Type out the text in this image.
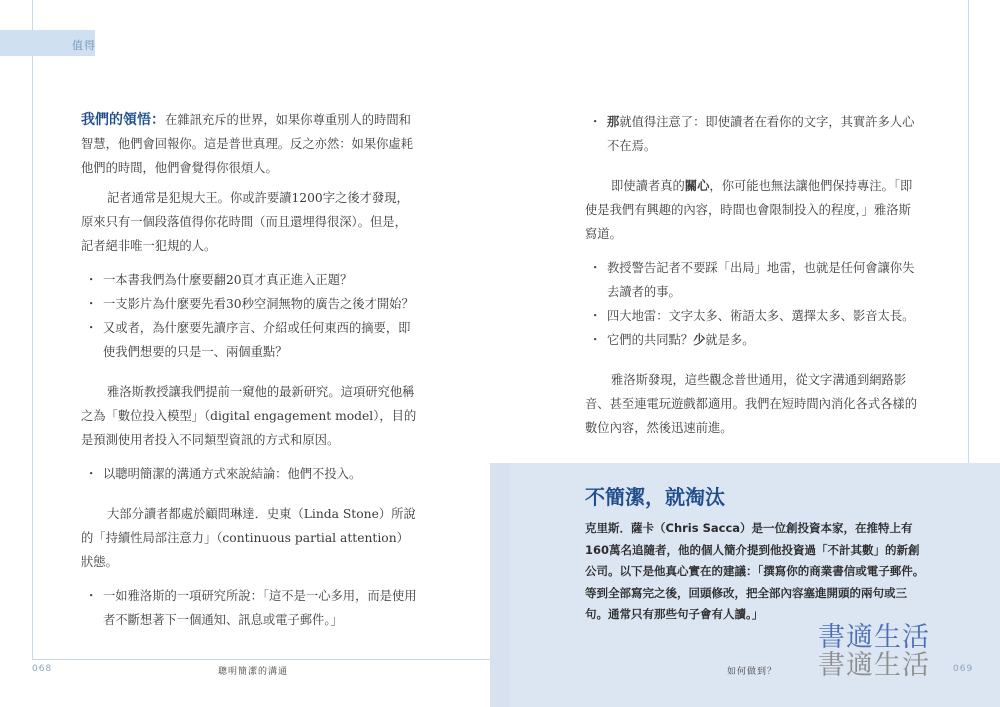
值得

我們的領悟：在雜訊充斥的世界，如果你尊重別人的時間和智慧，他們會回報你。這是普世真理。反之亦然：如果你虛耗他們的時間，他們會覺得你很煩人。

記者通常是犯規大王。你或許要讀1200字之後才發現，原來只有一個段落值得你花時間（而且還埋得很深）。但是，記者絕非唯一犯規的人。

・ 一本書我們為什麼要翻20頁才真正進入正題？
・ 一支影片為什麼要先看30秒空洞無物的廣告之後才開始？
・ 又或者，為什麼要先讀序言、介紹或任何東西的摘要，即使我們想要的只是一、兩個重點？

雅洛斯教授讓我們提前一窺他的最新研究。這項研究他稱之為「數位投入模型」（digital engagement model），目的是預測使用者投入不同類型資訊的方式和原因。

・ 以聰明簡潔的溝通方式來說結論：他們不投入。

大部分讀者都處於顧問琳達．史東（Linda Stone）所說的「持續性局部注意力」（continuous partial attention）狀態。

・ 一如雅洛斯的一項研究所說：「這不是一心多用，而是使用者不斷想著下一個通知、訊息或電子郵件。」
・ 那就值得注意了：即使讀者在看你的文字，其實許多人心不在焉。

即使讀者真的關心，你可能也無法讓他們保持專注。「即使是我們有興趣的內容，時間也會限制投入的程度，」雅洛斯寫道。

・ 教授警告記者不要踩「出局」地雷，也就是任何會讓你失去讀者的事。
・ 四大地雷：文字太多、術語太多、選擇太多、影音太長。
・ 它們的共同點？少就是多。

雅洛斯發現，這些觀念普世通用，從文字溝通到網路影音、甚至連電玩遊戲都適用。我們在短時間內消化各式各樣的數位內容，然後迅速前進。

不簡潔，就淘汰
克里斯．薩卡（Chris Sacca）是一位創投資本家，在推特上有160萬名追隨者，他的個人簡介提到他投資過「不計其數」的新創公司。以下是他真心實在的建議：「撰寫你的商業書信或電子郵件。等到全部寫完之後，回頭修改，把全部內容塞進開頭的兩句或三句。通常只有那些句子會有人讀。」
068	聰明簡潔的溝通	如何做到？	069
書適生活
書適生活
